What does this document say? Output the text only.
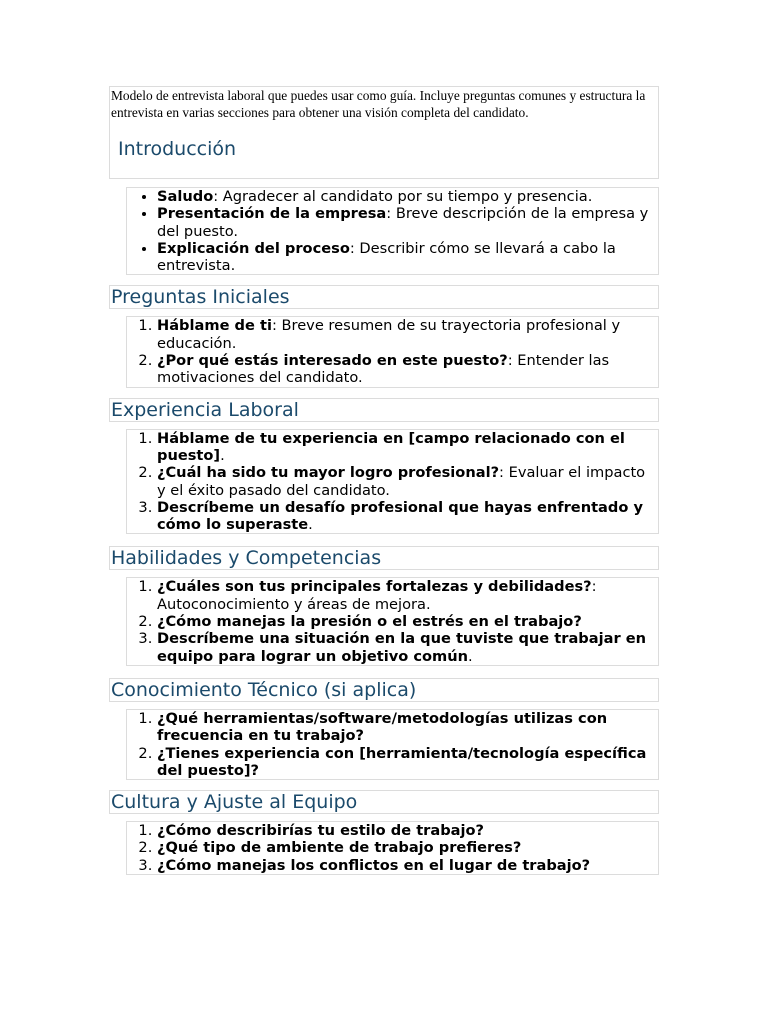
Modelo de entrevista laboral que puedes usar como guía. Incluye preguntas comunes y estructura la entrevista en varias secciones para obtener una visión completa del candidato.

Introducción
• Saludo: Agradecer al candidato por su tiempo y presencia.
• Presentación de la empresa: Breve descripción de la empresa y del puesto.
• Explicación del proceso: Describir cómo se llevará a cabo la entrevista.
Preguntas Iniciales
1. Háblame de ti: Breve resumen de su trayectoria profesional y educación.
2. ¿Por qué estás interesado en este puesto?: Entender las motivaciones del candidato.
Experiencia Laboral
1. Háblame de tu experiencia en [campo relacionado con el puesto].
2. ¿Cuál ha sido tu mayor logro profesional?: Evaluar el impacto y el éxito pasado del candidato.
3. Descríbeme un desafío profesional que hayas enfrentado y cómo lo superaste.
Habilidades y Competencias
1. ¿Cuáles son tus principales fortalezas y debilidades?: Autoconocimiento y áreas de mejora.
2. ¿Cómo manejas la presión o el estrés en el trabajo?
3. Descríbeme una situación en la que tuviste que trabajar en equipo para lograr un objetivo común.
Conocimiento Técnico (si aplica)
1. ¿Qué herramientas/software/metodologías utilizas con frecuencia en tu trabajo?
2. ¿Tienes experiencia con [herramienta/tecnología específica del puesto]?
Cultura y Ajuste al Equipo
1. ¿Cómo describirías tu estilo de trabajo?
2. ¿Qué tipo de ambiente de trabajo prefieres?
3. ¿Cómo manejas los conflictos en el lugar de trabajo?
